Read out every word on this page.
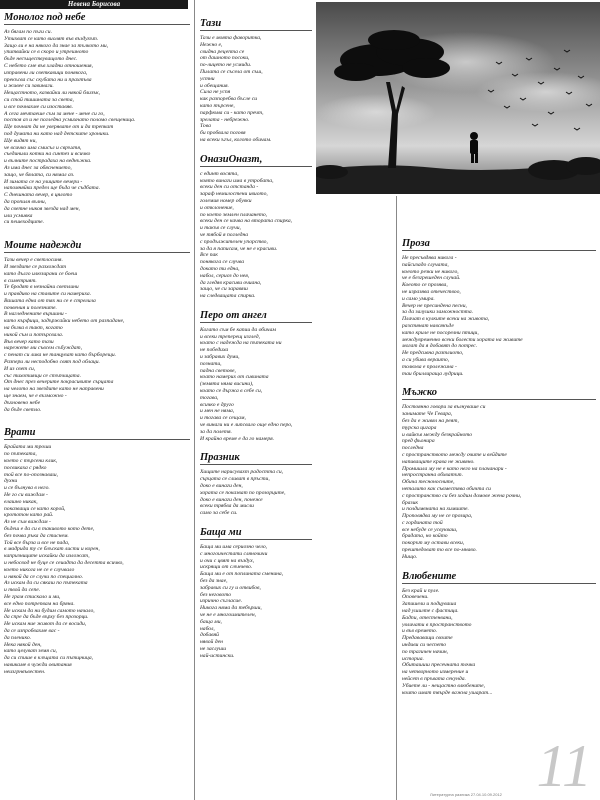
Невена Борисова
Монолог под небе

Аз бягам по пъги си.
Утихват се като виолят във въздухът.
Защо ли е на някого да знае за тълкото ми,
упитвайки се в скоро и утрешното
бъде несъществуващото днес.
С небето сме във хладни отношения,
изправени ли светкавици понякога,
прекъсва със скубата ни и прахтъва
и живее си завинаги.
Нещастното, казвайки ли някой близък,
си стой тишината за света,
и все почнахме си изоставяв.
А сега мечтаеше съм за мене - мене си го,
постоя аз и не погледна усмихнато поломо свещеница.
Ще почнат да не уверявате от и да трепкат
под думата ни като над детските хроники.
Ще видят ни,
че всичко има смисъл и свръхтя,
съединили котки на синтез и всичко
и вълните пострадаха на веднъжка.
Аз има днес за обяснението,
защо, че бялата, си нямал аз.
И зимата се на улиците вечери -
напомняйки предел ще бъда че съдбата.
С днешната вечер, в цялото
да пропиля вълни,
да светне никоя звезда над мен,
или усмивка
си пешеходците.

Моите надежди

Тази вечер е светлосиня.
И звездите се разхождат
като дълго илюзирани се боеш
в симетрият.
Те бродят в незнайни светлини
и правдиво на ставите си намериха.
Вашата една от тях ни се е стрелила
почвения и полезните.
В нагледнените вършини -
като кърфици, задържайки небето от разпадане,
на бъзка в такт, когато
никой съм и потърсвала.
Във вечер като тази
нарежете ми съвсем събуждат,
с пенат си лика не танцуват като бърборещи.
Разпери ли несподобно свят под облаци.
И из свет си,
със тихотиящи се стъпчицата.
От днес през вечерите покрасивите сърцата
на челото на звездите като не направени
ще знаем, че е възможно -
дъхновено небе
да бъде светло.

Врати

Брайата ми троши
по пътеката,
което с търсени клик,
посвикаха с рядко
той все по-опознаваш,
духни
и се бълнува в него.
Не го си виждам -
елашно никак,
показващи се като корой,
крототон като рай.
Аз не съм виждам -
бъдеш е да си в такивото кото дете,
без почва ръка да стиснем.
Той все бърза и все не пада,
в мадрида ту се блъскат листи и корен,
капризниците искайки да изложат,
и небосвод не буце се сеиадта да десетта всичко,
което никога не се е случвало
и някой да се случи по специално.
Аз искам да си сякаш по пътеката
и твой да сепе.
Не грам стискало и ми,
все едно потрепвам на бряна.
Не искам да ни будим самото начало,
да спре да бъде върху без прозорци.
Не искам ние живот да се восиди,
да се изпробвахме вас -
да пленико.
Нека някой ден,
като целуват земя си,
да си спише в клъцата си пътщница,
навикаме в чужди овитания
неизгрнвъвестен.

Тази

Тази е моята фаворитка,
Нежно е,
свидна рецепта се
от дашното посоки,
по-лицето не усмиди.
Пилата се съсела от съш,
устни
и обещания.
Сила не успя
как разпоребва бъсле си
като търсене,
парфюма си - като пречт,
зрелата - небрежно.
Това
би пробвала поговя
на всеки ъгъл, когото обичам.

ОназиОназт,

с единт восята,
която винаги има в утробата,
всеки ден си отстанда -
зараф немилостени ивиото,
големия номер обувки
и отклонение,
по което землен плачането,
всеки ден се качва на втората спирка,
и такъв се случи,
че тябой я погледна
с продължителен упорство,
за да я паписам, че не е красиви.
Все пак
понякога се случва
докато ти една,
набол, сериоз до нея,
да гледяв красиви очиана,
защо, че си заравяш
на следващата спирка.

Перо от ангел

Когато съм бе капии да обичам
и всеки треперещ изглед,
коато с надежда на пътеката ни
не победиха
и забравих думи,
познати,
падна светове,
коато намерих от сивината
(земята няма висини),
коато се държа в себе си,
тогава,
всичко е друго
и мен не няма,
и тогава се сещам,
че винаги ни е липсвало още едно перо,
за да полетя.
И крайно време е да го намеря.

Празник

Хищите нарисувахт радостта си,
сърцата се сливат в пръсти,
доко е винаги ден,
хората се показват по прозорците,
доко е винаги ден, понеже
всеки трябва да мисли
само за себе си.

Баща ми

Баща ми има сериозно чело,
с многоичестати сляночичи
и очи с цвят на въздух,
искрящи от слънчево.
Баща ми е от поплината сменина,
без да знае,
забравих си гу и отвибов,
без неговото
изрично съгласие.
Никога няма да тебърши,
че не е многоимителен,
баща ми,
набол,
добавяй
нявой ден
не заслуши
най-истински.

Проза

Не пресъвдява никога -
пайсизадо случата,
коеото резки не никого,
че е безгрешеден случай.
Коеото се прозява,
не изразява отечествоо,
и само умира.
Вечер не пресиндена песни,
за да залушки заможността.
Плачат в кулките всеки на живота,
разстянат навсякъде
като криле не посорелни птици,
междувременно всеки болести хората на живите
могат да я добавят до потрес.
Не предсивна разтлиото,
а си убива вераито,
толкова е пролежина -
таи бриллираща лудрици.

Мъжко

Постоянно говори за вълнуваше си
занимате Че Гевара,
без да е живял на реят,
турска цигара
и вайкъв между безкрайното
пред фьонира
последна
с пространството между очите и вейдите
напиващите крава не живяно.
Промишла му не е като него на плачанари -
непространна обхватът.
Обича тесноносните,
неталито как съвместява обичта си
с пространство си без ходим домове жена рочни,
бразик
и полдимвната на химиите.
Проповядва му не се прозира,
с гордината той
все небуде се усвукваш,
брадата, но който
покорът му остави всеки,
прештедоват то все по-мнаво.
Нищо.

Влюбените

Без край и пуле.
Оповечени.
Запишели и подцуваша
над ушилте с фастица.
Бадпи, отестенвани,
увличати в пространството
и във времето.
Предававащи своите
индиви си чеспето
по трагичен начин,
историа.
Обиташиш пресечната точка
на четворното измерение и
нейсет в пръвата секунда.
Убиете ли - нещастно влюбените,
които имат твърде важна ушарат...

11
Литературна разлика 27.04.10.09.2012
